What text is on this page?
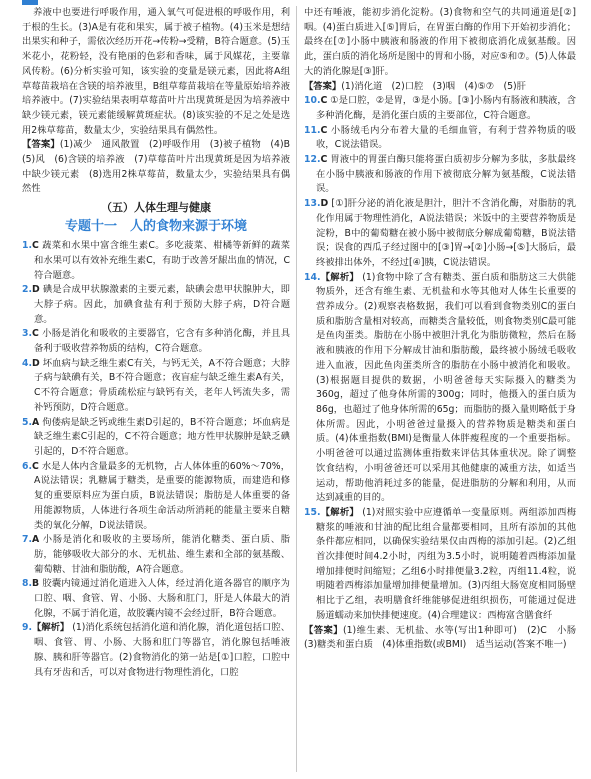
养液中也要进行呼吸作用，通入氧气可促进根的呼吸作用，利于根的生长。(3)A是有花和果实，属于被子植物。(4)玉米是想结出果实和种子，需依次经历开花→传粉→受精，B符合题意。(5)玉米花小，花粉轻，没有艳丽的色彩和香味，属于风媒花，主要靠风传粉。(6)分析实验可知，该实验的变量是镁元素，因此将A组草莓苗栽培在含镁的培养液里，B组草莓苗栽培在等量原始培养液培养液中。(7)实验结果表明草莓苗叶片出现黄斑是因为培养液中缺少镁元素，镁元素能缓解黄斑症状。(8)该实验的不足之处是选用2株草莓苗，数量太少，实验结果具有偶然性。

【答案】(1)减少　通风散置　(2)呼吸作用　(3)被子植物　(4)B　(5)风　(6)含镁的培养液　(7)草莓苗叶片出现黄斑是因为培养液中缺少镁元素　(8)选用2株草莓苗，数量太少，实验结果具有偶然性

（五）人体生理与健康
专题十一　人的食物来源于环境

1.C 蔬菜和水果中富含维生素C。多吃菠菜、柑橘等新鲜的蔬菜和水果可以有效补充维生素C，有助于改善牙龈出血的情况，C符合题意。

2.D 碘是合成甲状腺激素的主要元素，缺碘会患甲状腺肿大，即大脖子病。因此，加碘食盐有利于预防大脖子病，D符合题意。

3.C 小肠是消化和吸收的主要器官，它含有多种消化酶，并且具备利于吸收营养物质的结构，C符合题意。

4.D 坏血病与缺乏维生素C有关，与钙无关，A不符合题意；大脖子病与缺碘有关，B不符合题意；夜盲症与缺乏维生素A有关，C不符合题意；骨质疏松症与缺钙有关，老年人钙流失多，需补钙预防，D符合题意。

5.A 佝偻病是缺乏钙或维生素D引起的，B不符合题意；坏血病是缺乏维生素C引起的，C不符合题意；地方性甲状腺肿是缺乏碘引起的，D不符合题意。

6.C 水是人体内含量最多的无机物，占人体体重的60%～70%，A说法错误；乳糖属于糖类，是重要的能源物质，而建造和修复的重要原料应为蛋白质，B说法错误；脂肪是人体重要的备用能源物质，人体进行各项生命活动所消耗的能量主要来自糖类的氧化分解，D说法错误。

7.A 小肠是消化和吸收的主要场所，能消化糖类、蛋白质、脂肪，能够吸收大部分的水、无机盐、维生素和全部的氨基酸、葡萄糖、甘油和脂肪酸，A符合题意。

8.B 胶囊内镜通过消化道进入人体，经过消化道各器官的顺序为口腔、咽、食管、胃、小肠、大肠和肛门，肝是人体最大的消化腺，不属于消化道，故胶囊内镜不会经过肝，B符合题意。

9.【解析】 (1)消化系统包括消化道和消化腺，消化道包括口腔、咽、食管、胃、小肠、大肠和肛门等器官，消化腺包括唾液腺、胰和肝等器官。(2)食物消化的第一站是[①]口腔，口腔中具有牙齿和舌，可以对食物进行物理性消化，口腔

中还有唾液，能初步消化淀粉。(3)食物和空气的共同通道是[②]咽。(4)蛋白质进入[⑤]胃后，在胃蛋白酶的作用下开始初步消化；最终在[⑦]小肠中胰液和肠液的作用下被彻底消化成氨基酸。因此，蛋白质的消化场所是图中的胃和小肠，对应⑤和⑦。(5)人体最大的消化腺是[③]肝。

【答案】(1)消化道　(2)口腔　(3)咽　(4)⑤⑦　(5)肝

10.C ①是口腔，②是胃，③是小肠。[③]小肠内有肠液和胰液，含多种消化酶，是消化蛋白质的主要部位，C符合题意。

11.C 小肠绒毛内分布着大量的毛细血管，有利于营养物质的吸收，C说法错误。

12.C 胃液中的胃蛋白酶只能将蛋白质初步分解为多肽，多肽最终在小肠中胰液和肠液的作用下被彻底分解为氨基酸，C说法错误。

13.D [①]肝分泌的消化液是胆汁，胆汁不含消化酶，对脂肪的乳化作用属于物理性消化，A说法错误；米饭中的主要营养物质是淀粉，B中的葡萄糖在被小肠中被彻底分解成葡萄糖，B说法错误；误食的西瓜子经过图中的[③]胃→[②]小肠→[⑤]大肠后，最终被排出体外，不经过[④]胰，C说法错误。

14.【解析】 (1)食物中除了含有糖类、蛋白质和脂肪这三大供能物质外，还含有维生素、无机盐和水等其他对人体生长重要的营养成分。(2)观察表格数据，我们可以看到食物类别C的蛋白质和脂肪含量相对较高，而糖类含量较低，则食物类别C最可能是鱼肉蛋类。脂肪在小肠中被胆汁乳化为脂肪微粒，然后在肠液和胰液的作用下分解成甘油和脂肪酸，最终被小肠绒毛吸收进入血液，因此鱼肉蛋类所含的脂肪在小肠中被消化和吸收。(3)根据题目提供的数据，小明爸爸每天实际摄入的糖类为360g，超过了他身体所需的300g；同时，他摄入的蛋白质为86g，也超过了他身体所需的65g；而脂肪的摄入量则略低于身体所需。因此，小明爸爸过量摄入的营养物质是糖类和蛋白质。(4)体重指数(BMI)是衡量人体胖瘦程度的一个重要指标。小明爸爸可以通过监测体重指数来评估其体重状况。除了调整饮食结构，小明爸爸还可以采用其他健康的减重方法，如适当运动，帮助他消耗过多的能量，促进脂肪的分解和利用，从而达到减重的目的。

15.【解析】 (1)对照实验中应遵循单一变量原则。两组添加西梅糖浆的唾液和甘油的配比组合量都要相同，且所有添加的其他条件都应相同，以确保实验结果仅由西梅的添加引起。(2)乙组首次排便时间4.2小时，丙组为3.5小时，说明随着西梅添加量增加排便时间缩短；乙组6小时排便量3.2粒，丙组11.4粒，说明随着西梅添加量增加排便量增加。(3)丙组大肠宽度相同肠壁相比于乙组，表明膳食纤维能够促进组织损伤，可能通过促进肠道蠕动来加快排便速度。(4)合理建议：西梅富含膳食纤

【答案】(1)维生素、无机盐、水等(写出1种即可)　(2)C　小肠　(3)糖类和蛋白质　(4)体重指数(或BMI)　适当运动(答案不唯一)
